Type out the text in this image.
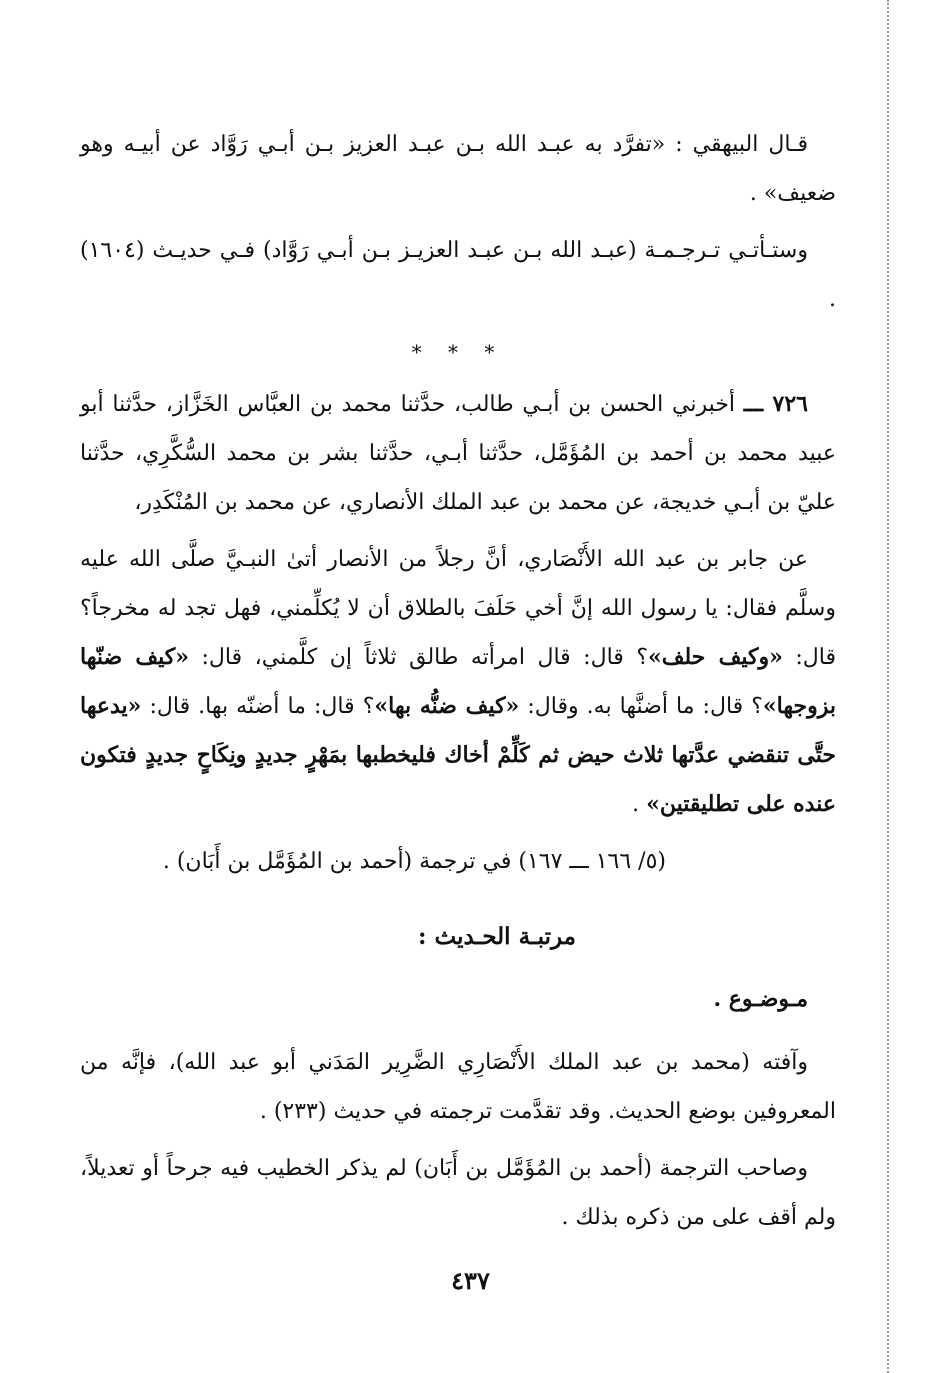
قـال البيهقي : «تفرَّد به عبـد الله بـن عبـد العزيز بـن أبـي رَوَّاد عن أبيـه وهو ضعيف» .

وستـأتـي تـرجـمـة (عبـد الله بـن عبـد العزيـز بـن أبـي رَوَّاد) فـي حديـث (١٦٠٤) .

* * *

٧٢٦ ـــ أخبرني الحسن بن أبـي طالب، حدَّثنا محمد بن العبَّاس الخَزَّاز، حدَّثنا أبو عبيد محمد بن أحمد بن المُؤَمَّل، حدَّثنا أبـي، حدَّثنا بشر بن محمد السُّكَّرِي، حدَّثنا عليّ بن أبـي خديجة، عن محمد بن عبد الملك الأنصاري، عن محمد بن المُنْكَدِر،

عن جابر بن عبد الله الأَنْصَاري، أنَّ رجلاً من الأنصار أتىٰ النبـيَّ صلَّى الله عليه وسلَّم فقال: يا رسول الله إنَّ أخي حَلَفَ بالطلاق أن لا يُكلِّمني، فهل تجد له مخرجاً؟ قال: «وكيف حلف»؟ قال: قال امرأته طالق ثلاثاً إن كلَّمني، قال: «كيف ضنّها بزوجها»؟ قال: ما أضنَّها به. وقال: «كيف ضنُّه بها»؟ قال: ما أضنّه بها. قال: «يدعها حتَّى تنقضي عدَّتها ثلاث حيض ثم كَلِّمْ أخاك فليخطبها بمَهْرٍ جديدٍ ونِكَاحٍ جديدٍ فتكون عنده على تطليقتين» .

(٥/ ١٦٦ ـــ ١٦٧) في ترجمة (أحمد بن المُؤَمَّل بن أَبَان) .

مرتبـة الحـديث :

مـوضـوع .

وآفته (محمد بن عبد الملك الأَنْصَارِي الضَّرِير المَدَني أبو عبد الله)، فإنَّه من المعروفين بوضع الحديث. وقد تقدَّمت ترجمته في حديث (٢٣٣) .

وصاحب الترجمة (أحمد بن المُؤَمَّل بن أَبَان) لم يذكر الخطيب فيه جرحاً أو تعديلاً، ولم أقف على من ذكره بذلك .

٤٣٧
